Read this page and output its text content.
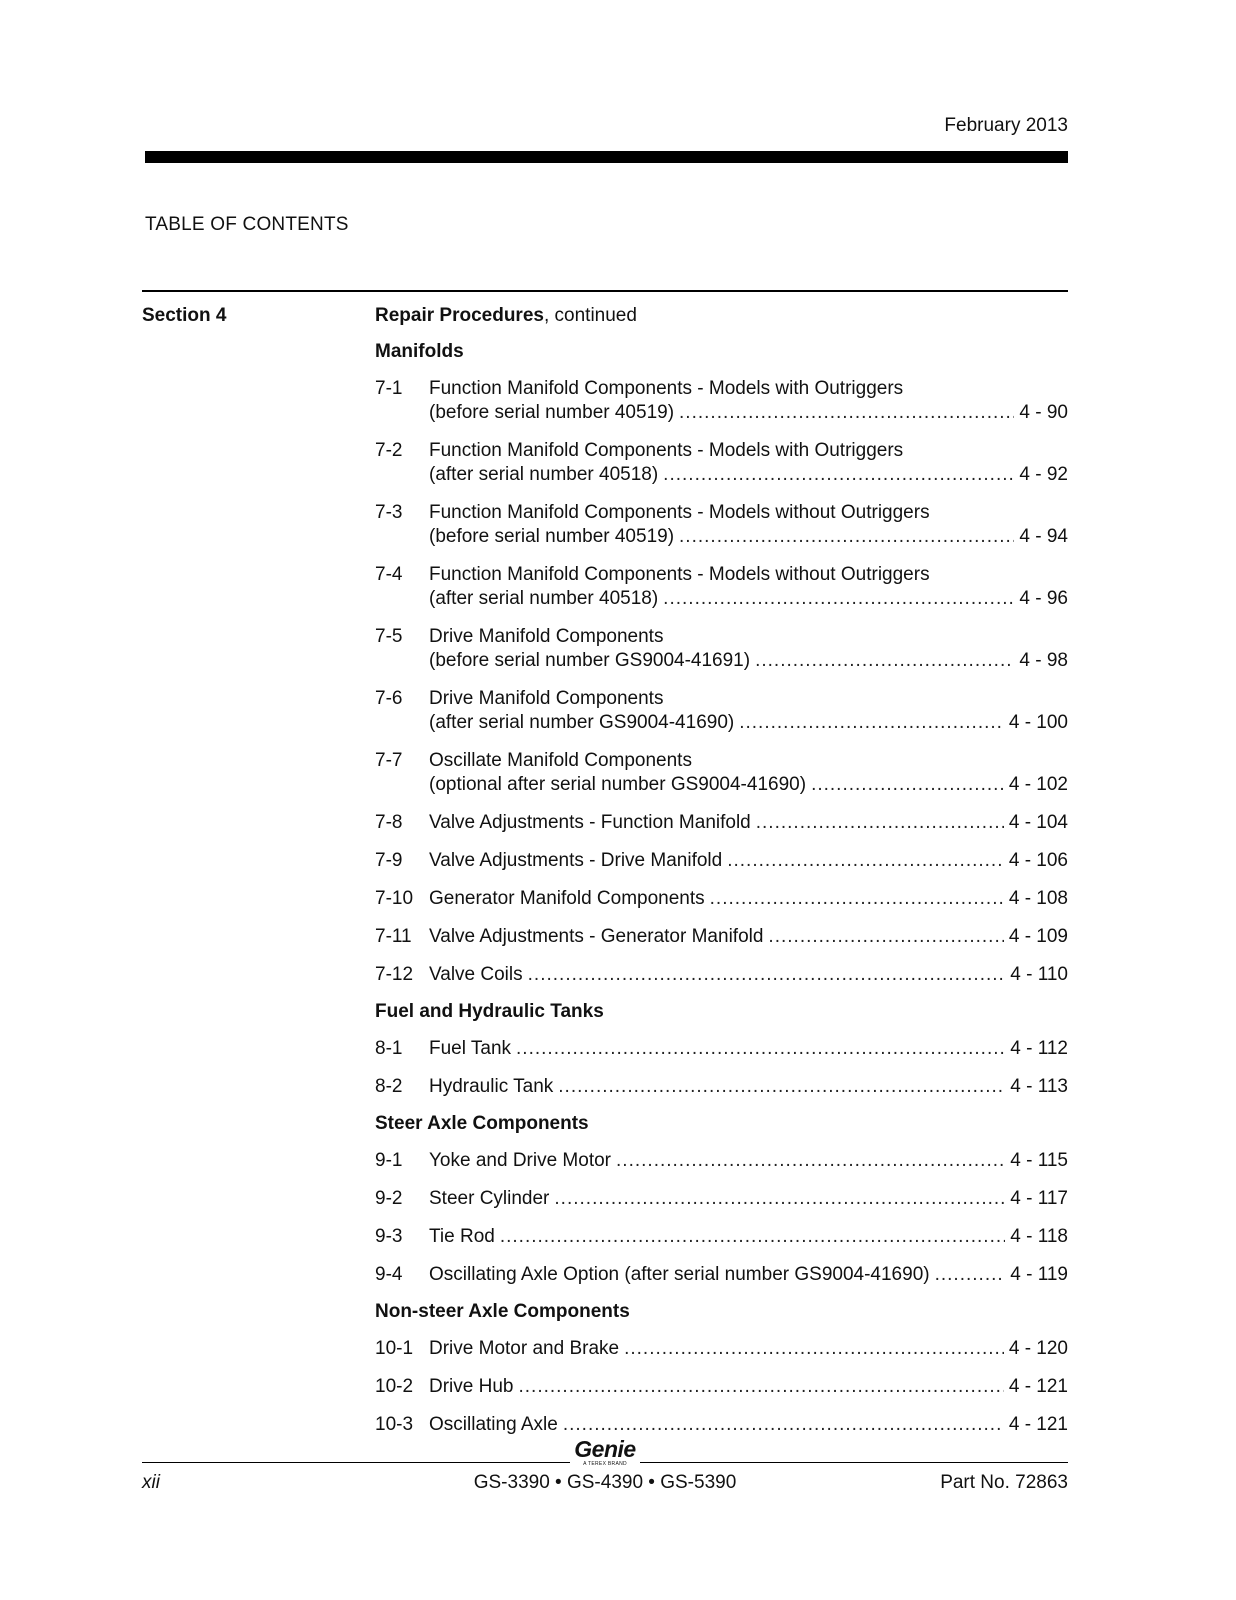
February 2013
TABLE OF CONTENTS
Section 4	Repair Procedures, continued
Manifolds
7-1 Function Manifold Components - Models with Outriggers
(before serial number 40519) .....	4 - 90
7-2 Function Manifold Components - Models with Outriggers
(after serial number 40518) .....	4 - 92
7-3 Function Manifold Components - Models without Outriggers
(before serial number 40519) .....	4 - 94
7-4 Function Manifold Components - Models without Outriggers
(after serial number 40518) .....	4 - 96
7-5 Drive Manifold Components
(before serial number GS9004-41691) .....	4 - 98
7-6 Drive Manifold Components
(after serial number GS9004-41690) .....	4 - 100
7-7 Oscillate Manifold Components
(optional after serial number GS9004-41690) .....	4 - 102
7-8 Valve Adjustments - Function Manifold .....	4 - 104
7-9 Valve Adjustments - Drive Manifold .....	4 - 106
7-10 Generator Manifold Components .....	4 - 108
7-11 Valve Adjustments - Generator Manifold .....	4 - 109
7-12 Valve Coils .....	4 - 110
Fuel and Hydraulic Tanks
8-1 Fuel Tank .....	4 - 112
8-2 Hydraulic Tank .....	4 - 113
Steer Axle Components
9-1 Yoke and Drive Motor .....	4 - 115
9-2 Steer Cylinder .....	4 - 117
9-3 Tie Rod .....	4 - 118
9-4 Oscillating Axle Option (after serial number GS9004-41690) .....	4 - 119
Non-steer Axle Components
10-1 Drive Motor and Brake .....	4 - 120
10-2 Drive Hub .....	4 - 121
10-3 Oscillating Axle .....	4 - 121
Genie
A TEREX BRAND
xii	GS-3390 • GS-4390 • GS-5390	Part No. 72863
